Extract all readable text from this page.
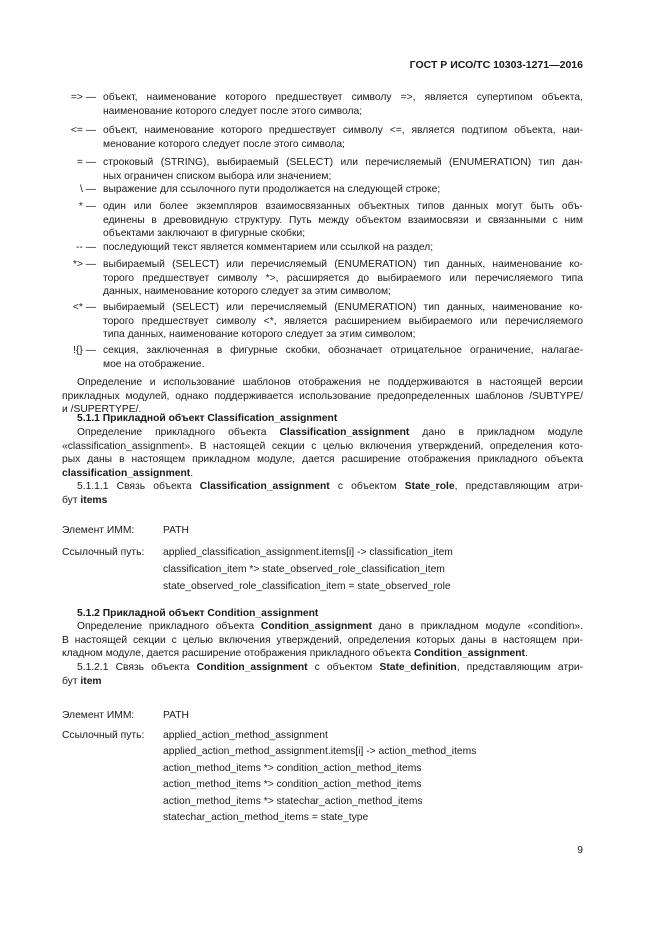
ГОСТ Р ИСО/ТС 10303-1271—2016
=> — объект, наименование которого предшествует символу =>, является супертипом объекта,
наименование которого следует после этого символа;
<= — объект, наименование которого предшествует символу <=, является подтипом объекта, наи-
менование которого следует после этого символа;
= — строковый (STRING), выбираемый (SELECT) или перечисляемый (ENUMERATION) тип дан-
ных ограничен списком выбора или значением;
\ — выражение для ссылочного пути продолжается на следующей строке;
* — один или более экземпляров взаимосвязанных объектных типов данных могут быть объ-
единены в древовидную структуру. Путь между объектом взаимосвязи и связанными с ним
объектами заключают в фигурные скобки;
-- — последующий текст является комментарием или ссылкой на раздел;
*> — выбираемый (SELECT) или перечисляемый (ENUMERATION) тип данных, наименование ко-
торого предшествует символу *>, расширяется до выбираемого или перечисляемого типа
данных, наименование которого следует за этим символом;
<* — выбираемый (SELECT) или перечисляемый (ENUMERATION) тип данных, наименование ко-
торого предшествует символу <*, является расширением выбираемого или перечисляемого
типа данных, наименование которого следует за этим символом;
!{} — секция, заключенная в фигурные скобки, обозначает отрицательное ограничение, налагае-
мое на отображение.
Определение и использование шаблонов отображения не поддерживаются в настоящей версии
прикладных модулей, однако поддерживается использование предопределенных шаблонов /SUBTYPE/
и /SUPERTYPE/.
5.1.1 Прикладной объект Classification_assignment
Определение прикладного объекта Classification_assignment дано в прикладном модуле
«classification_assignment». В настоящей секции с целью включения утверждений, определения кото-
рых даны в настоящем прикладном модуле, дается расширение отображения прикладного объекта
classification_assignment.
5.1.1.1 Связь объекта Classification_assignment с объектом State_role, представляющим атри-
бут items
Элемент ИММ:	PATH
Ссылочный путь: applied_classification_assignment.items[i] -> classification_item
classification_item *> state_observed_role_classification_item
state_observed_role_classification_item = state_observed_role
5.1.2 Прикладной объект Condition_assignment
Определение прикладного объекта Condition_assignment дано в прикладном модуле «condition».
В настоящей секции с целью включения утверждений, определения которых даны в настоящем при-
кладном модуле, дается расширение отображения прикладного объекта Condition_assignment.
5.1.2.1 Связь объекта Condition_assignment с объектом State_definition, представляющим атри-
бут item
Элемент ИММ:	PATH
Ссылочный путь: applied_action_method_assignment
applied_action_method_assignment.items[i] -> action_method_items
action_method_items *> condition_action_method_items
action_method_items *> condition_action_method_items
action_method_items *> statechar_action_method_items
statechar_action_method_items = state_type
9
